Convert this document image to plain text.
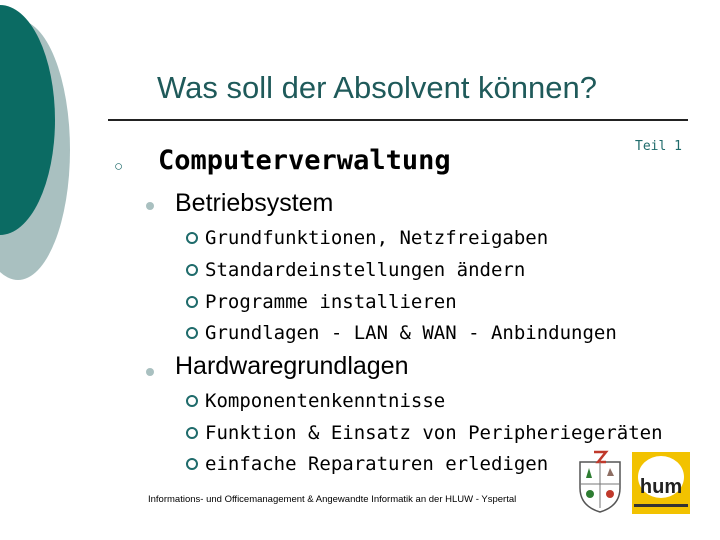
Was soll der Absolvent können?
Teil 1
○ Computerverwaltung
Betriebsystem
Grundfunktionen, Netzfreigaben
Standardeinstellungen ändern
Programme installieren
Grundlagen - LAN & WAN - Anbindungen
Hardwaregrundlagen
Komponentenkenntnisse
Funktion & Einsatz von Peripheriegeräten
einfache Reparaturen erledigen
Informations- und Officemanagement & Angewandte Informatik an der HLUW - Yspertal
hum
